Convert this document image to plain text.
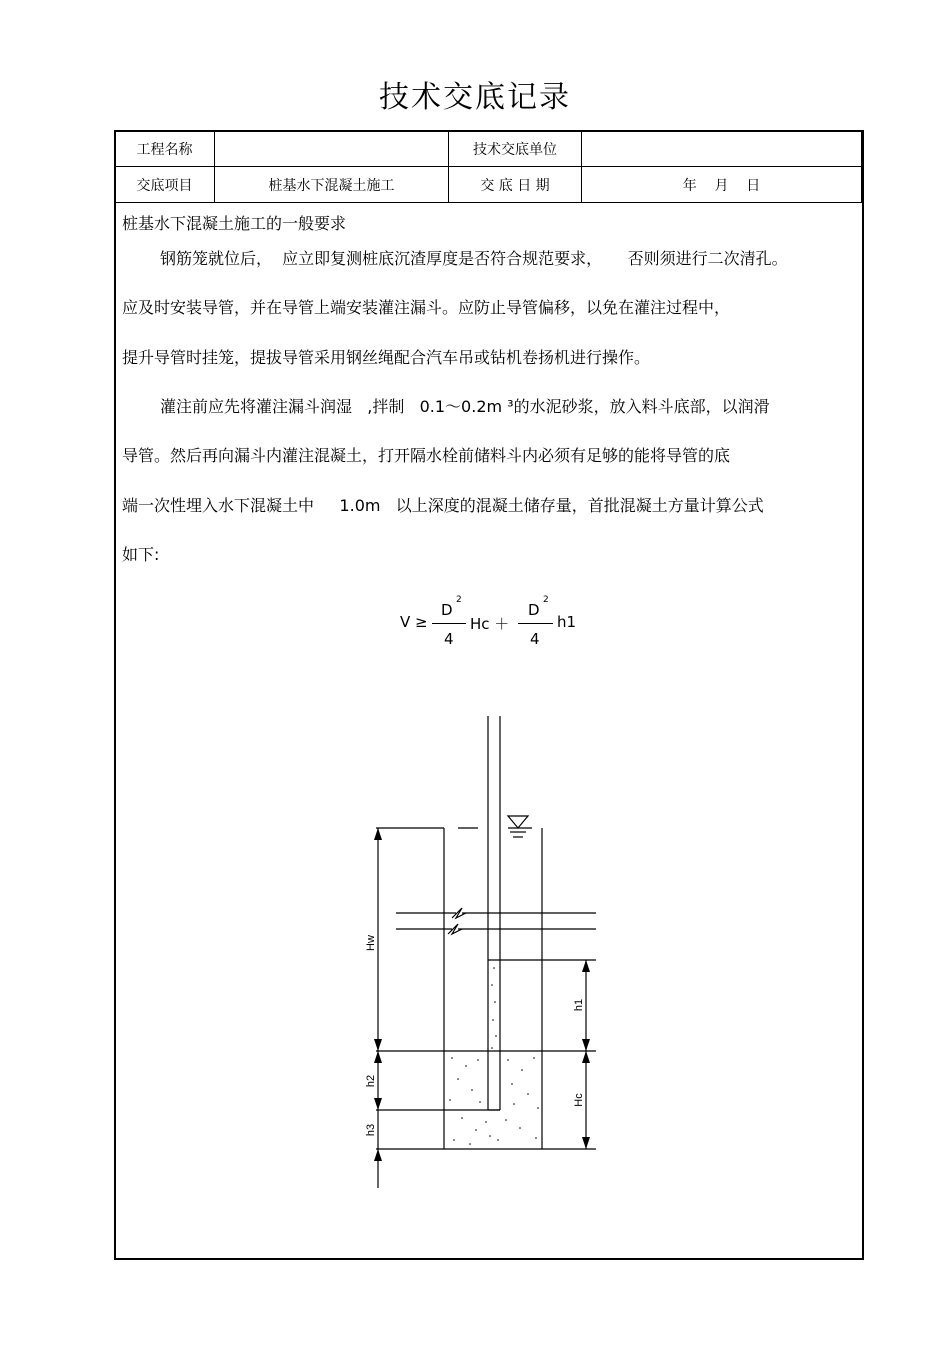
技术交底记录
工程名称		技术交底单位	
交底项目	桩基水下混凝土施工	交 底 日 期	年    月    日
桩基水下混凝土施工的一般要求
钢筋笼就位后，  应立即复测桩底沉渣厚度是否符合规范要求，     否则须进行二次清孔。
应及时安装导管，并在导管上端安装灌注漏斗。应防止导管偏移，以免在灌注过程中，
提升导管时挂笼，提拔导管采用钢丝绳配合汽车吊或钻机卷扬机进行操作。
灌注前应先将灌注漏斗润湿   ,拌制   0.1～0.2m ³的水泥砂浆，放入料斗底部，以润滑
导管。然后再向漏斗内灌注混凝土，打开隔水栓前储料斗内必须有足够的能将导管的底
端一次性埋入水下混凝土中     1.0m   以上深度的混凝土储存量，首批混凝土方量计算公式
如下:
V ≥
D
2
4
Hc ＋
D
2
4
h1
Hw
h1
h2
h3
Hc
